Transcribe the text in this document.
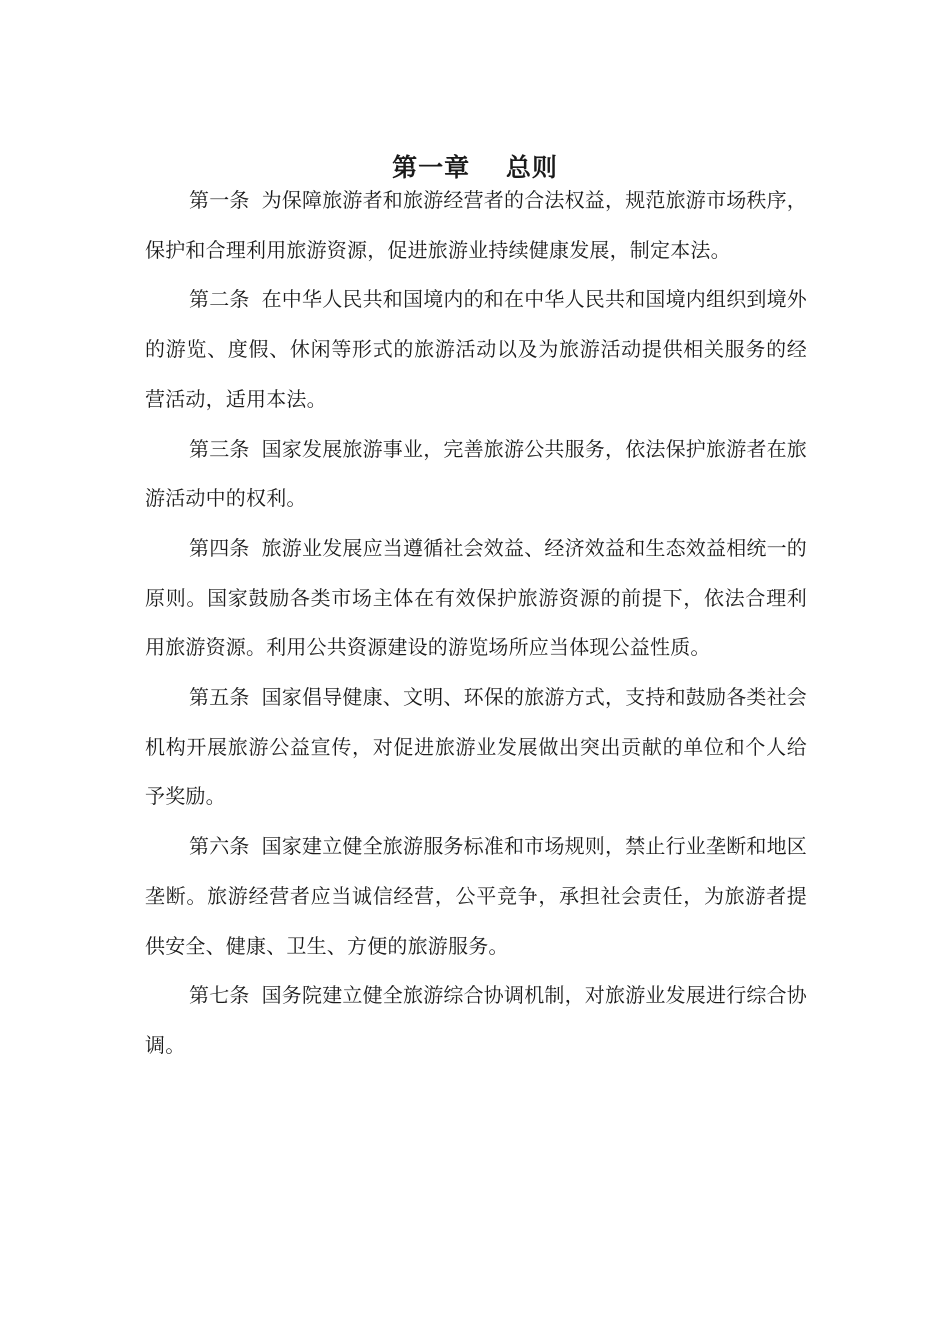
第一章　 总则

第一条 为保障旅游者和旅游经营者的合法权益，规范旅游市场秩序，保护和合理利用旅游资源，促进旅游业持续健康发展，制定本法。

第二条 在中华人民共和国境内的和在中华人民共和国境内组织到境外的游览、度假、休闲等形式的旅游活动以及为旅游活动提供相关服务的经营活动，适用本法。

第三条 国家发展旅游事业，完善旅游公共服务，依法保护旅游者在旅游活动中的权利。

第四条 旅游业发展应当遵循社会效益、经济效益和生态效益相统一的原则。国家鼓励各类市场主体在有效保护旅游资源的前提下，依法合理利用旅游资源。利用公共资源建设的游览场所应当体现公益性质。

第五条 国家倡导健康、文明、环保的旅游方式，支持和鼓励各类社会机构开展旅游公益宣传，对促进旅游业发展做出突出贡献的单位和个人给予奖励。

第六条 国家建立健全旅游服务标准和市场规则，禁止行业垄断和地区垄断。旅游经营者应当诚信经营，公平竞争，承担社会责任，为旅游者提供安全、健康、卫生、方便的旅游服务。

第七条 国务院建立健全旅游综合协调机制，对旅游业发展进行综合协调。
